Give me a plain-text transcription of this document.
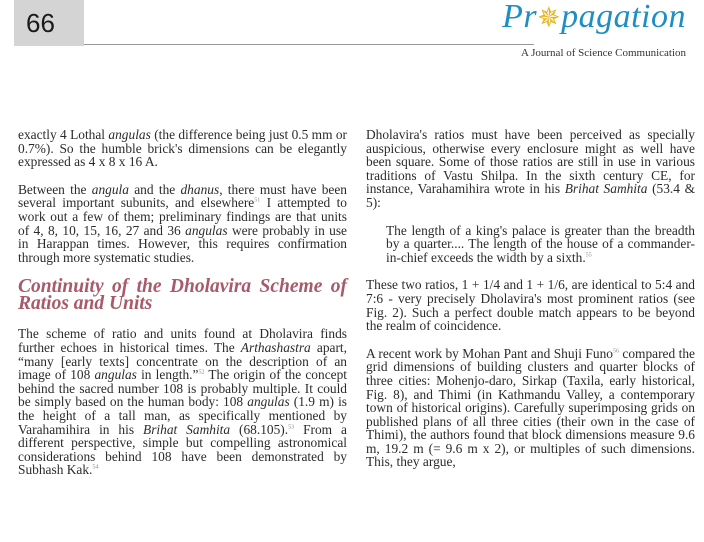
66	Pr✵pagation
A Journal of Science Communication

exactly 4 Lothal angulas (the difference being just 0.5 mm or 0.7%). So the humble brick's dimensions can be elegantly expressed as 4 x 8 x 16 A.

Between the angula and the dhanus, there must have been several important subunits, and elsewhere$^{51}$ I attempted to work out a few of them; preliminary findings are that units of 4, 8, 10, 15, 16, 27 and 36 angulas were probably in use in Harappan times. However, this requires confirmation through more systematic studies.

Continuity of the Dholavira Scheme of Ratios and Units

The scheme of ratio and units found at Dholavira finds further echoes in historical times. The Arthashastra apart, “many [early texts] concentrate on the description of an image of 108 angulas in length.”$^{52}$ The origin of the concept behind the sacred number 108 is probably multiple. It could be simply based on the human body: 108 angulas (1.9 m) is the height of a tall man, as specifically mentioned by Varahamihira in his Brihat Samhita (68.105).$^{53}$ From a different perspective, simple but compelling astronomical considerations behind 108 have been demonstrated by Subhash Kak.$^{54}$

Dholavira's ratios must have been perceived as specially auspicious, otherwise every enclosure might as well have been square. Some of those ratios are still in use in various traditions of Vastu Shilpa. In the sixth century CE, for instance, Varahamihira wrote in his Brihat Samhita (53.4 & 5):

The length of a king's palace is greater than the breadth by a quarter.... The length of the house of a commander-in-chief exceeds the width by a sixth.$^{55}$

These two ratios, 1 + 1/4 and 1 + 1/6, are identical to 5:4 and 7:6 - very precisely Dholavira's most prominent ratios (see Fig. 2). Such a perfect double match appears to be beyond the realm of coincidence.

A recent work by Mohan Pant and Shuji Funo$^{56}$ compared the grid dimensions of building clusters and quarter blocks of three cities: Mohenjo-daro, Sirkap (Taxila, early historical, Fig. 8), and Thimi (in Kathmandu Valley, a contemporary town of historical origins). Carefully superimposing grids on published plans of all three cities (their own in the case of Thimi), the authors found that block dimensions measure 9.6 m, 19.2 m (= 9.6 m x 2), or multiples of such dimensions. This, they argue,
